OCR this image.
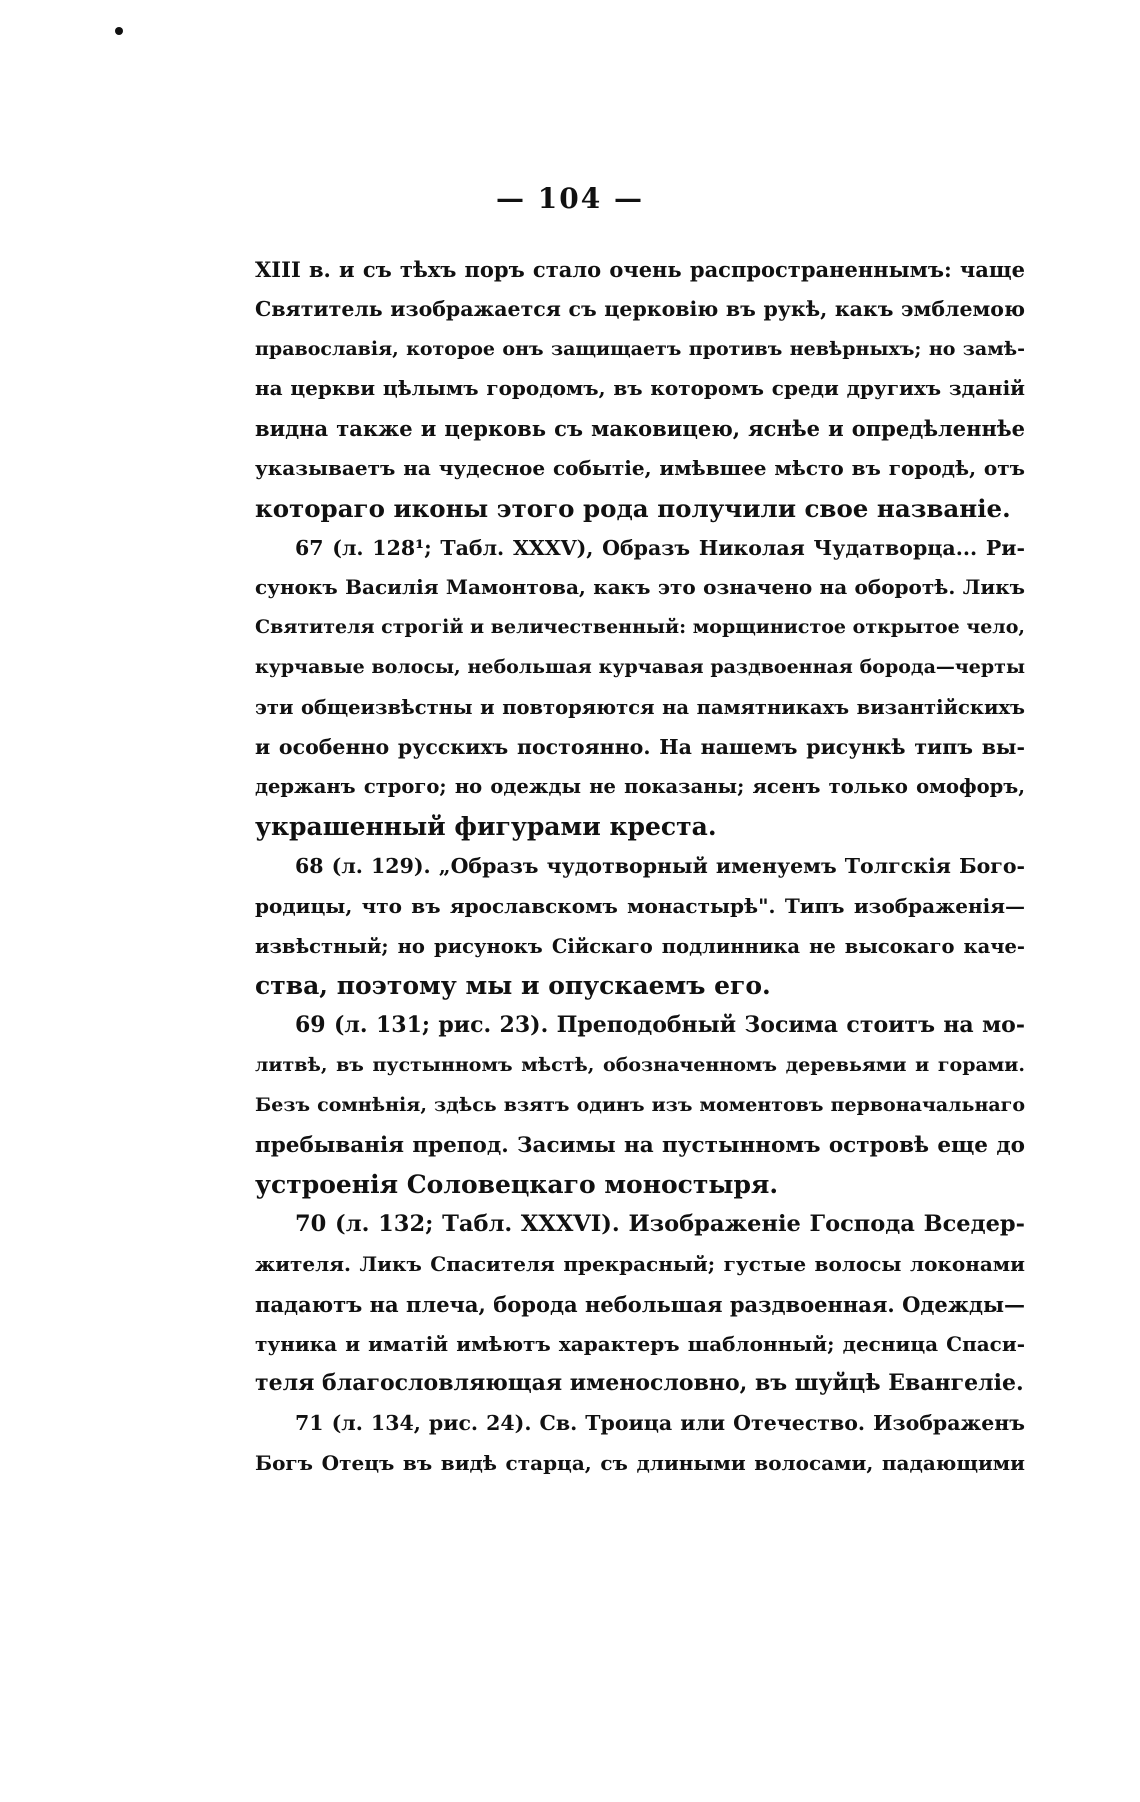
— 104 —
XIII в. и съ тѣхъ поръ стало очень распространеннымъ: чаще
Святитель изображается съ церковію въ рукѣ, какъ эмблемою
православія, которое онъ защищаетъ противъ невѣрныхъ; но замѣ-
на церкви цѣлымъ городомъ, въ которомъ среди другихъ зданій
видна также и церковь съ маковицею, яснѣе и опредѣленнѣе
указываетъ на чудесное событіе, имѣвшее мѣсто въ городѣ, отъ
котораго иконы этого рода получили свое названіе.
67 (л. 128¹; Табл. XXXV), Образъ Николая Чудатворца... Ри-
сунокъ Василія Мамонтова, какъ это означено на оборотѣ. Ликъ
Святителя строгій и величественный: морщинистое открытое чело,
курчавые волосы, небольшая курчавая раздвоенная борода—черты
эти общеизвѣстны и повторяются на памятникахъ византійскихъ
и особенно русскихъ постоянно. На нашемъ рисункѣ типъ вы-
держанъ строго; но одежды не показаны; ясенъ только омофоръ,
украшенный фигурами креста.
68 (л. 129). „Образъ чудотворный именуемъ Толгскія Бого-
родицы, что въ ярославскомъ монастырѣ". Типъ изображенія—
извѣстный; но рисунокъ Сійскаго подлинника не высокаго каче-
ства, поэтому мы и опускаемъ его.
69 (л. 131; рис. 23). Преподобный Зосима стоитъ на мо-
литвѣ, въ пустынномъ мѣстѣ, обозначенномъ деревьями и горами.
Безъ сомнѣнія, здѣсь взятъ одинъ изъ моментовъ первоначальнаго
пребыванія препод. Засимы на пустынномъ островѣ еще до
устроенія Соловецкаго моностыря.
70 (л. 132; Табл. XXXVI). Изображеніе Господа Вседер-
жителя. Ликъ Спасителя прекрасный; густые волосы локонами
падаютъ на плеча, борода небольшая раздвоенная. Одежды—
туника и иматій имѣютъ характеръ шаблонный; десница Спаси-
теля благословляющая именословно, въ шуйцѣ Евангеліе.
71 (л. 134, рис. 24). Св. Троица или Отечество. Изображенъ
Богъ Отецъ въ видѣ старца, съ длиными волосами, падающими
